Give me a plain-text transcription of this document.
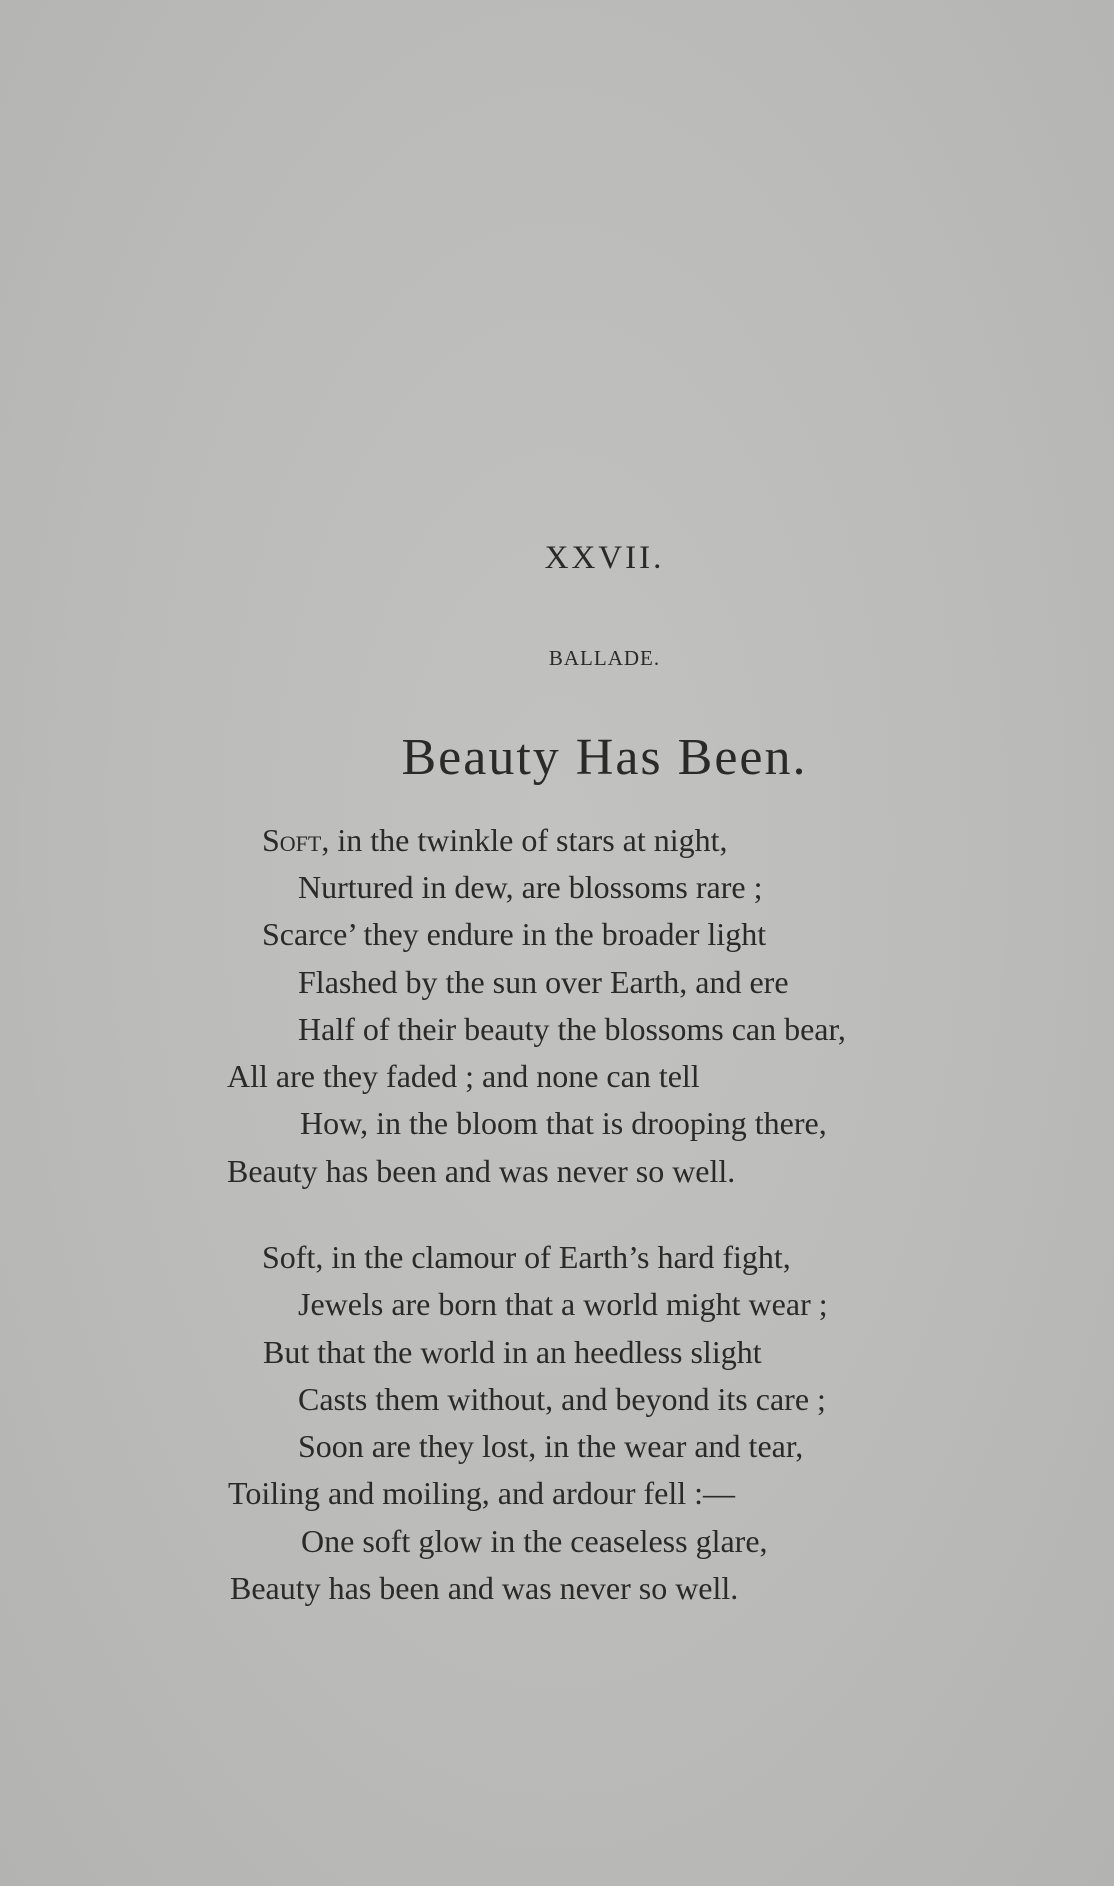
XXVII.
BALLADE.
Beauty Has Been.
Soft, in the twinkle of stars at night,
Nurtured in dew, are blossoms rare ;
Scarce’ they endure in the broader light
Flashed by the sun over Earth, and ere
Half of their beauty the blossoms can bear,
All are they faded ; and none can tell
How, in the bloom that is drooping there,
Beauty has been and was never so well.
Soft, in the clamour of Earth’s hard fight,
Jewels are born that a world might wear ;
But that the world in an heedless slight
Casts them without, and beyond its care ;
Soon are they lost, in the wear and tear,
Toiling and moiling, and ardour fell :—
One soft glow in the ceaseless glare,
Beauty has been and was never so well.
